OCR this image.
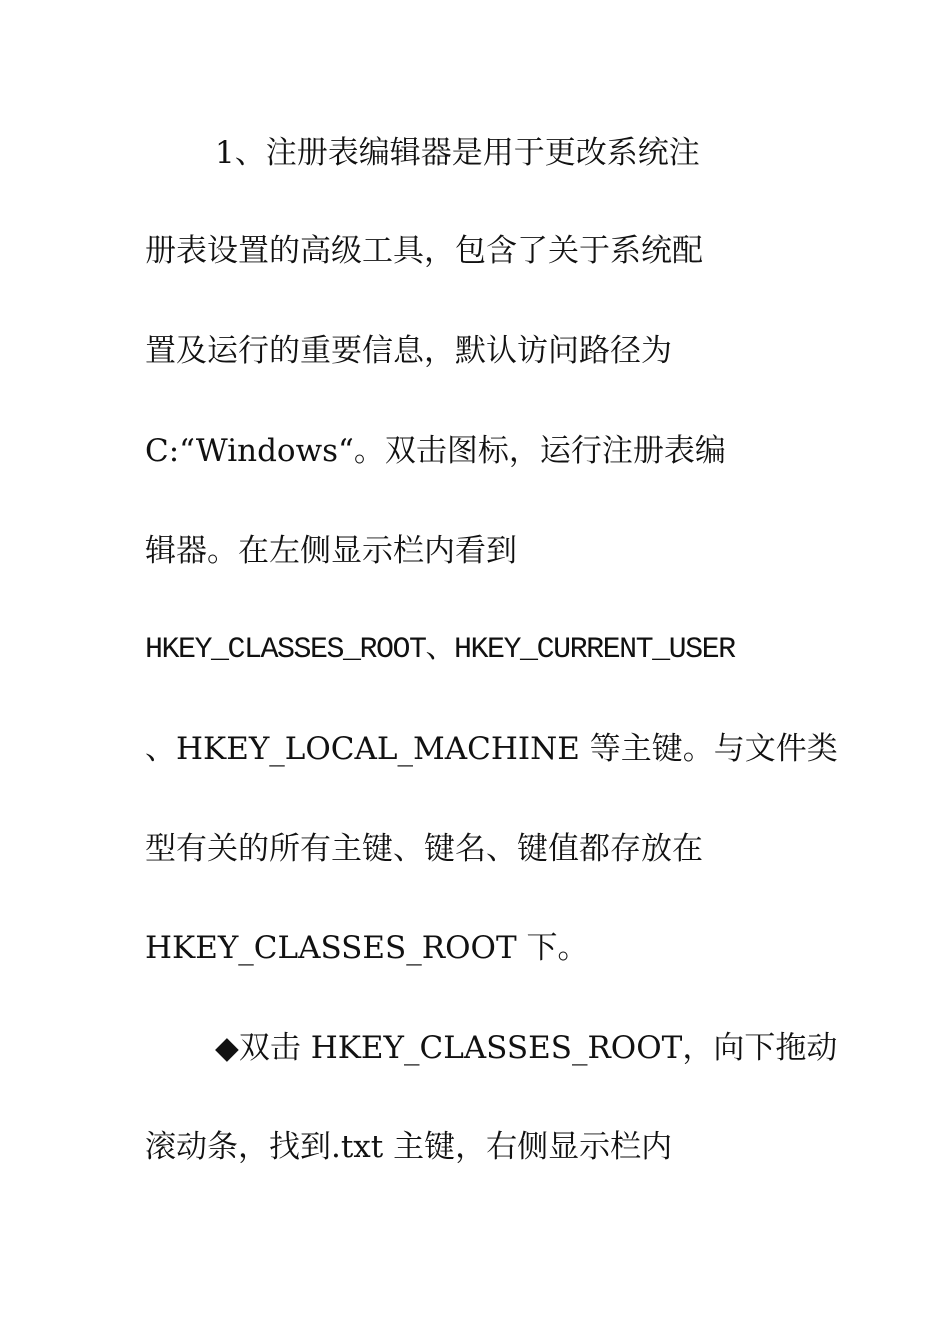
1、注册表编辑器是用于更改系统注
册表设置的高级工具，包含了关于系统配
置及运行的重要信息，默认访问路径为
C:“Windows“。双击图标，运行注册表编
辑器。在左侧显示栏内看到
HKEY_CLASSES_ROOT、HKEY_CURRENT_USER
、HKEY_LOCAL_MACHINE 等主键。与文件类
型有关的所有主键、键名、键值都存放在
HKEY_CLASSES_ROOT 下。
◆双击 HKEY_CLASSES_ROOT，向下拖动
滚动条，找到.txt 主键，右侧显示栏内
